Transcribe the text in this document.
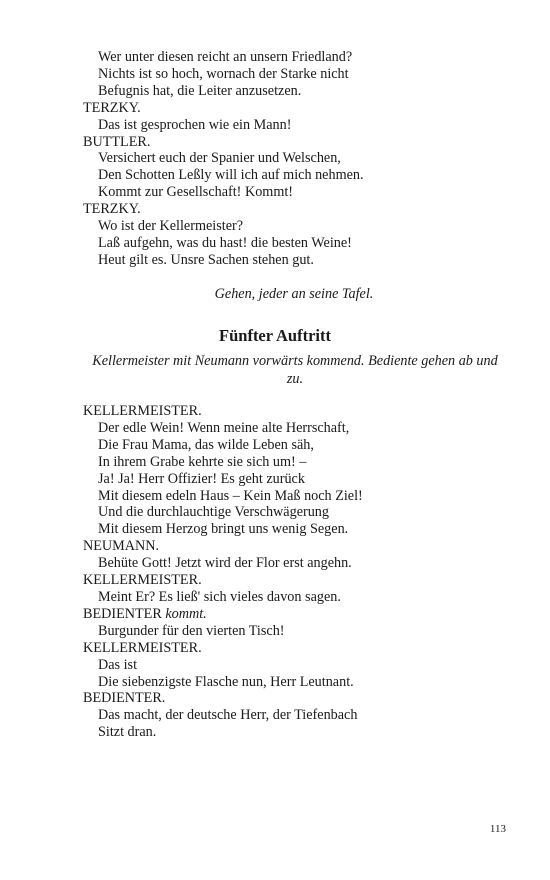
Wer unter diesen reicht an unsern Friedland?
Nichts ist so hoch, wornach der Starke nicht
Befugnis hat, die Leiter anzusetzen.
TERZKY.
Das ist gesprochen wie ein Mann!
BUTTLER.
Versichert euch der Spanier und Welschen,
Den Schotten Leßly will ich auf mich nehmen.
Kommt zur Gesellschaft! Kommt!
TERZKY.
Wo ist der Kellermeister?
Laß aufgehn, was du hast! die besten Weine!
Heut gilt es. Unsre Sachen stehen gut.
Gehen, jeder an seine Tafel.
Fünfter Auftritt
Kellermeister mit Neumann vorwärts kommend. Bediente gehen ab und zu.
KELLERMEISTER.
Der edle Wein! Wenn meine alte Herrschaft,
Die Frau Mama, das wilde Leben säh,
In ihrem Grabe kehrte sie sich um! –
Ja! Ja! Herr Offizier! Es geht zurück
Mit diesem edeln Haus – Kein Maß noch Ziel!
Und die durchlauchtige Verschwägerung
Mit diesem Herzog bringt uns wenig Segen.
NEUMANN.
Behüte Gott! Jetzt wird der Flor erst angehn.
KELLERMEISTER.
Meint Er? Es ließ' sich vieles davon sagen.
BEDIENTER kommt.
Burgunder für den vierten Tisch!
KELLERMEISTER.
Das ist
Die siebenzigste Flasche nun, Herr Leutnant.
BEDIENTER.
Das macht, der deutsche Herr, der Tiefenbach
Sitzt dran.
113
